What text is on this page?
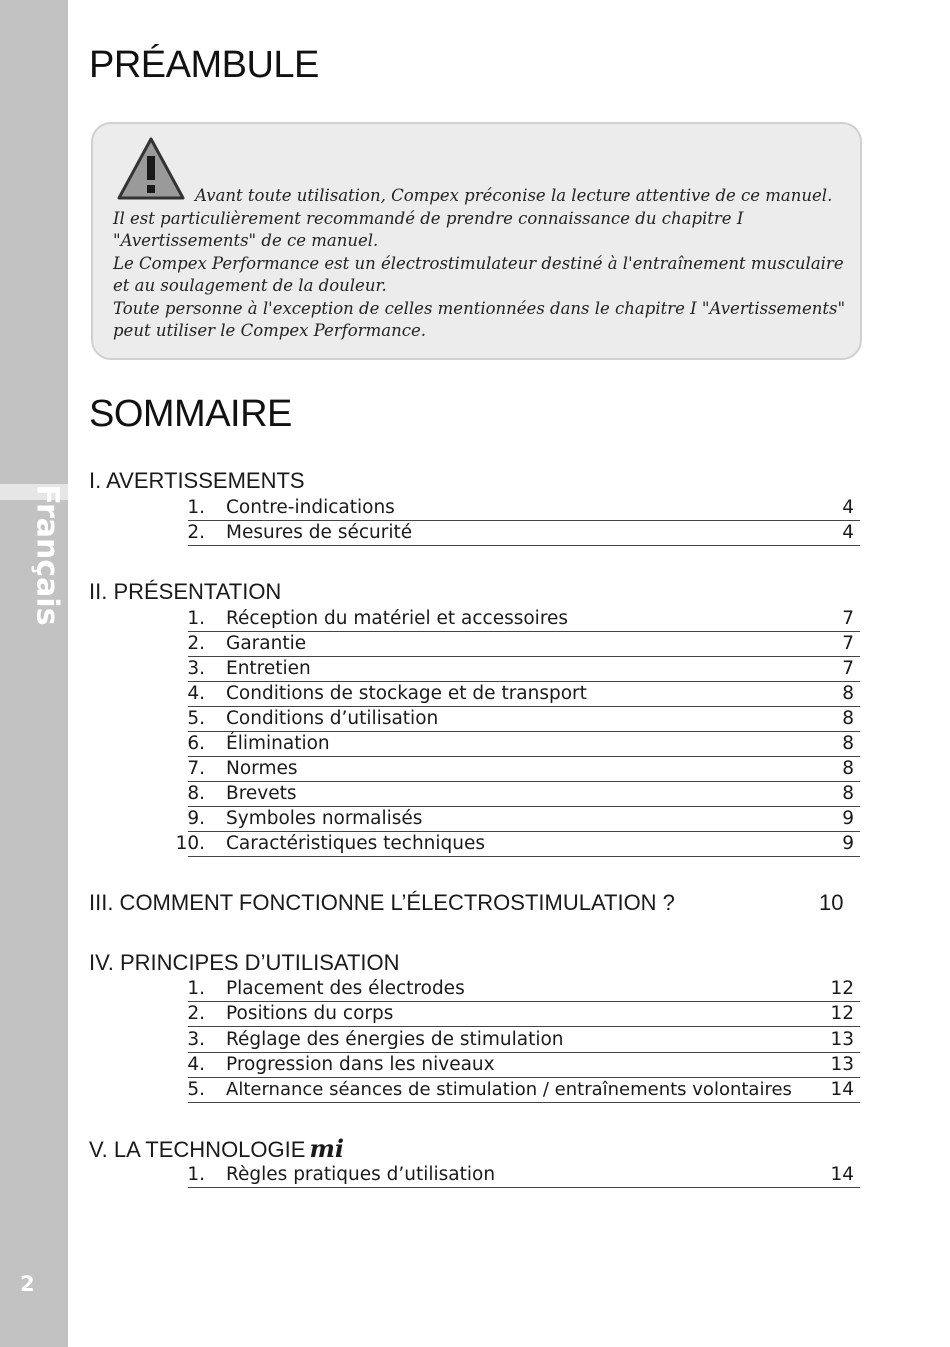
Français
2
PRÉAMBULE
Avant toute utilisation, Compex préconise la lecture attentive de ce manuel.
Il est particulièrement recommandé de prendre connaissance du chapitre I
"Avertissements" de ce manuel.
Le Compex Performance est un électrostimulateur destiné à l'entraînement musculaire
et au soulagement de la douleur.
Toute personne à l'exception de celles mentionnées dans le chapitre I "Avertissements"
peut utiliser le Compex Performance.
SOMMAIRE
I. AVERTISSEMENTS
1. Contre-indications	4
2. Mesures de sécurité	4
II. PRÉSENTATION
1. Réception du matériel et accessoires	7
2. Garantie	7
3. Entretien	7
4. Conditions de stockage et de transport	8
5. Conditions d’utilisation	8
6. Élimination	8
7. Normes	8
8. Brevets	8
9. Symboles normalisés	9
10. Caractéristiques techniques	9
III. COMMENT FONCTIONNE L’ÉLECTROSTIMULATION ?	10
IV. PRINCIPES D’UTILISATION
1. Placement des électrodes	12
2. Positions du corps	12
3. Réglage des énergies de stimulation	13
4. Progression dans les niveaux	13
5. Alternance séances de stimulation / entraînements volontaires 14
V. LA TECHNOLOGIE mi
1. Règles pratiques d’utilisation	14
